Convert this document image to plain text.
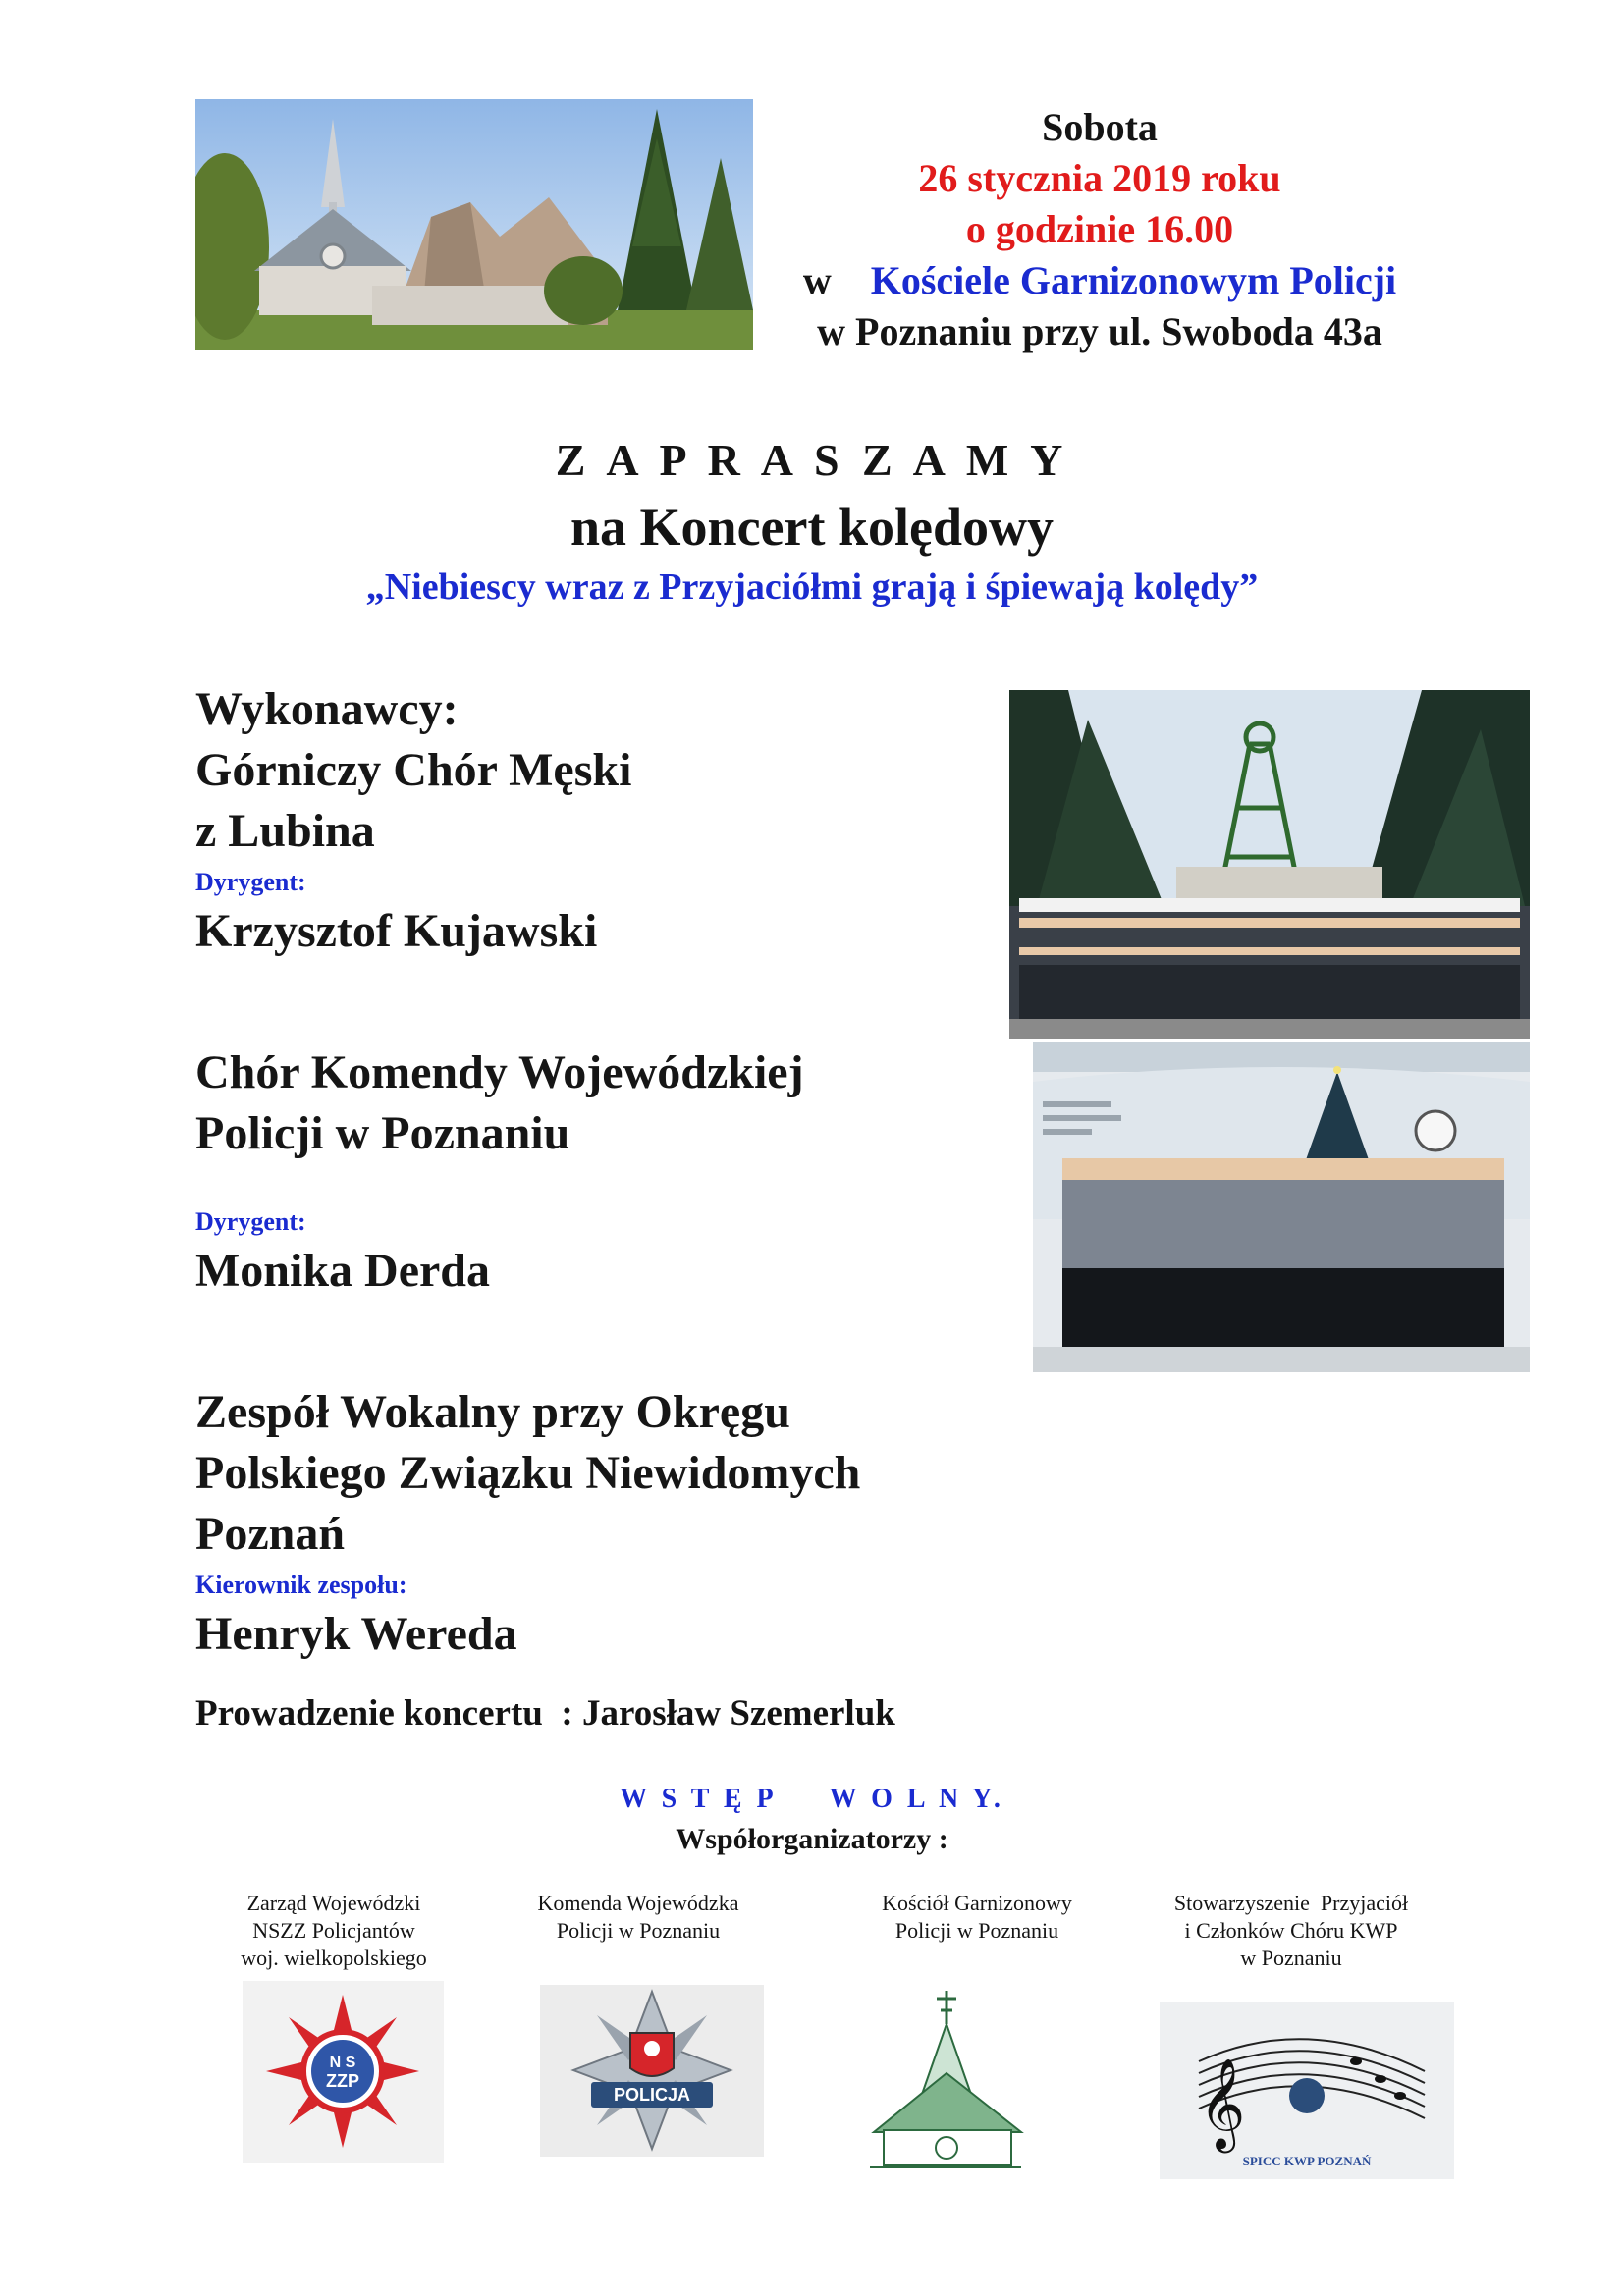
Sobota
26 stycznia 2019 roku
o godzinie 16.00
w Kościele Garnizonowym Policji
w Poznaniu przy ul. Swoboda 43a
Z A P R A S Z A M Y
na Koncert kolędowy
„Niebiescy wraz z Przyjaciółmi grają i śpiewają kolędy”
Wykonawcy:
Górniczy Chór Męski
z Lubina
Dyrygent:
Krzysztof Kujawski
Chór Komendy Wojewódzkiej
Policji w Poznaniu
Dyrygent:
Monika Derda
Zespół Wokalny przy Okręgu
Polskiego Związku Niewidomych
Poznań
Kierownik zespołu:
Henryk Wereda
Prowadzenie koncertu : Jarosław Szemerluk
W S T Ę P     W O L N Y.
Współorganizatorzy :
Zarząd Wojewódzki
NSZZ Policjantów
woj. wielkopolskiego
N S
ZZP
Komenda Wojewódzka
Policji w Poznaniu
POLICJA
Kościół Garnizonowy
Policji w Poznaniu
Stowarzyszenie  Przyjaciół
i Członków Chóru KWP
w Poznaniu
𝄞
SPICC KWP POZNAŃ
